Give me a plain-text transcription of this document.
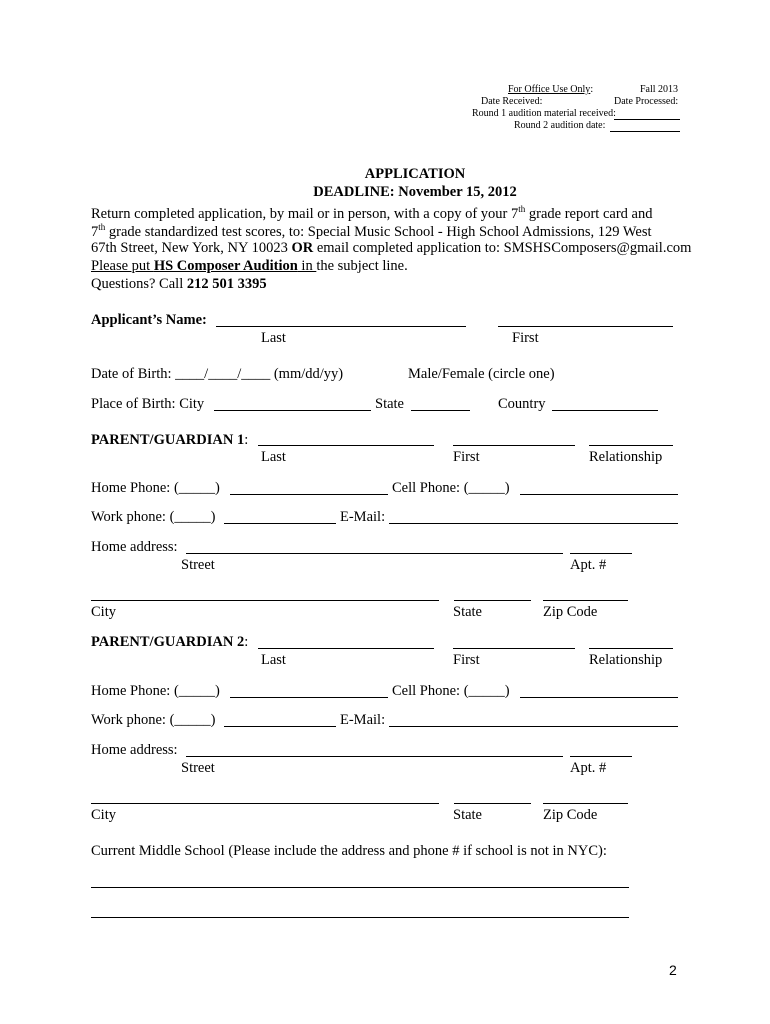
For Office Use Only:	Fall 2013
Date Received:	Date Processed:
Round 1 audition material received:
Round 2 audition date:
APPLICATION
DEADLINE: November 15, 2012
Return completed application, by mail or in person, with a copy of your 7th grade report card and
7th grade standardized test scores, to: Special Music School - High School Admissions, 129 West
67th Street, New York, NY 10023 OR email completed application to: SMSHSComposers@gmail.com
Please put HS Composer Audition in the subject line.
Questions? Call 212 501 3395
Applicant’s Name:
Last	First
Date of Birth: ____/____/____ (mm/dd/yy)	Male/Female (circle one)
Place of Birth: City	State	Country
PARENT/GUARDIAN 1:
Last	First	Relationship
Home Phone: (_____)	Cell Phone: (_____)
Work phone: (_____)	E-Mail:
Home address:
Street	Apt. #
City	State	Zip Code
PARENT/GUARDIAN 2:
Last	First	Relationship
Home Phone: (_____)	Cell Phone: (_____)
Work phone: (_____)	E-Mail:
Home address:
Street	Apt. #
City	State	Zip Code
Current Middle School (Please include the address and phone # if school is not in NYC):
2
